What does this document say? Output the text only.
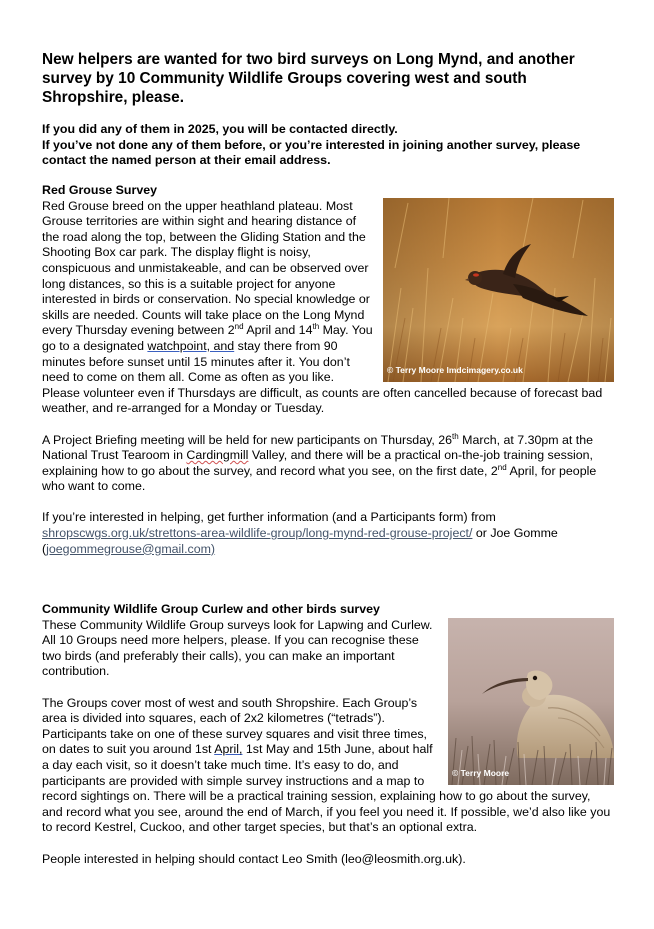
New helpers are wanted for two bird surveys on Long Mynd, and another survey by 10 Community Wildlife Groups covering west and south Shropshire, please.
If you did any of them in 2025, you will be contacted directly.
If you’ve not done any of them before, or you’re interested in joining another survey, please contact the named person at their email address.
Red Grouse Survey
© Terry Moore lmdcimagery.co.uk

Red Grouse breed on the upper heathland plateau. Most Grouse territories are within sight and hearing distance of the road along the top, between the Gliding Station and the Shooting Box car park. The display flight is noisy, conspicuous and unmistakeable, and can be observed over long distances, so this is a suitable project for anyone interested in birds or conservation. No special knowledge or skills are needed. Counts will take place on the Long Mynd every Thursday evening between 2nd April and 14th May. You go to a designated watchpoint, and stay there from 90 minutes before sunset until 15 minutes after it. You don’t need to come on them all. Come as often as you like. Please volunteer even if Thursdays are difficult, as counts are often cancelled because of forecast bad weather, and re-arranged for a Monday or Tuesday.

A Project Briefing meeting will be held for new participants on Thursday, 26th March, at 7.30pm at the National Trust Tearoom in Cardingmill Valley, and there will be a practical on-the-job training session, explaining how to go about the survey, and record what you see, on the first date, 2nd April, for people who want to come.

If you’re interested in helping, get further information (and a Participants form) from shropscwgs.org.uk/strettons-area-wildlife-group/long-mynd-red-grouse-project/ or Joe Gomme (joegommegrouse@gmail.com)

Community Wildlife Group Curlew and other birds survey
© Terry Moore

These Community Wildlife Group surveys look for Lapwing and Curlew. All 10 Groups need more helpers, please. If you can recognise these two birds (and preferably their calls), you can make an important contribution.

The Groups cover most of west and south Shropshire. Each Group’s area is divided into squares, each of 2x2 kilometres (“tetrads”). Participants take on one of these survey squares and visit three times, on dates to suit you around 1st April, 1st May and 15th June, about half a day each visit, so it doesn’t take much time. It’s easy to do, and participants are provided with simple survey instructions and a map to record sightings on. There will be a practical training session, explaining how to go about the survey, and record what you see, around the end of March, if you feel you need it. If possible, we’d also like you to record Kestrel, Cuckoo, and other target species, but that’s an optional extra.

People interested in helping should contact Leo Smith (leo@leosmith.org.uk).
